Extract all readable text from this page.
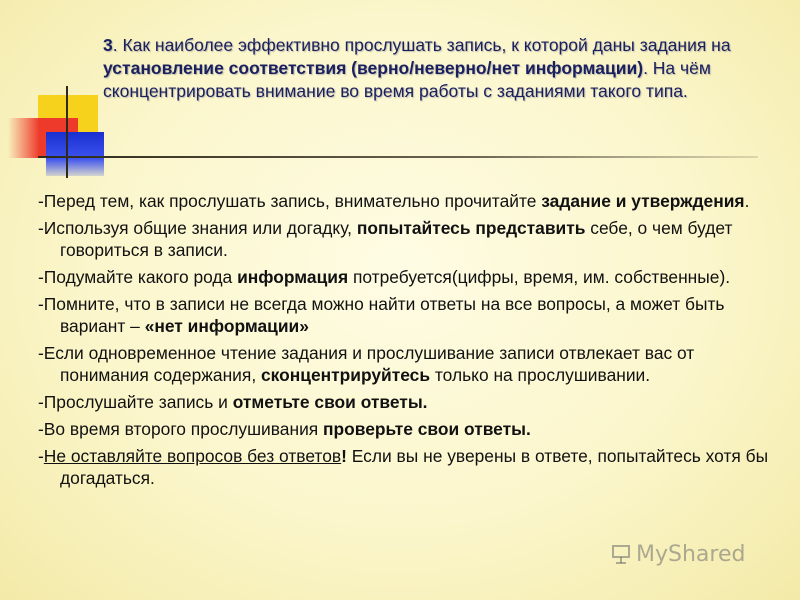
3. Как наиболее эффективно прослушать запись, к которой даны задания на установление соответствия (верно/неверно/нет информации). На чём сконцентрировать внимание во время работы с заданиями такого типа.

-Перед тем, как прослушать запись, внимательно прочитайте задание и утверждения.

-Используя общие знания или догадку, попытайтесь представить себе, о чем будет говориться в записи.

-Подумайте какого рода информация потребуется(цифры, время, им. собственные).

-Помните, что в записи не всегда можно найти ответы на все вопросы, а может быть вариант – «нет информации»

-Если одновременное чтение задания и прослушивание записи отвлекает вас от понимания содержания, сконцентрируйтесь только на прослушивании.

-Прослушайте запись и отметьте свои ответы.

-Во время второго прослушивания проверьте свои ответы.

-Не оставляйте вопросов без ответов! Если вы не уверены в ответе, попытайтесь хотя бы догадаться.

MyShared
